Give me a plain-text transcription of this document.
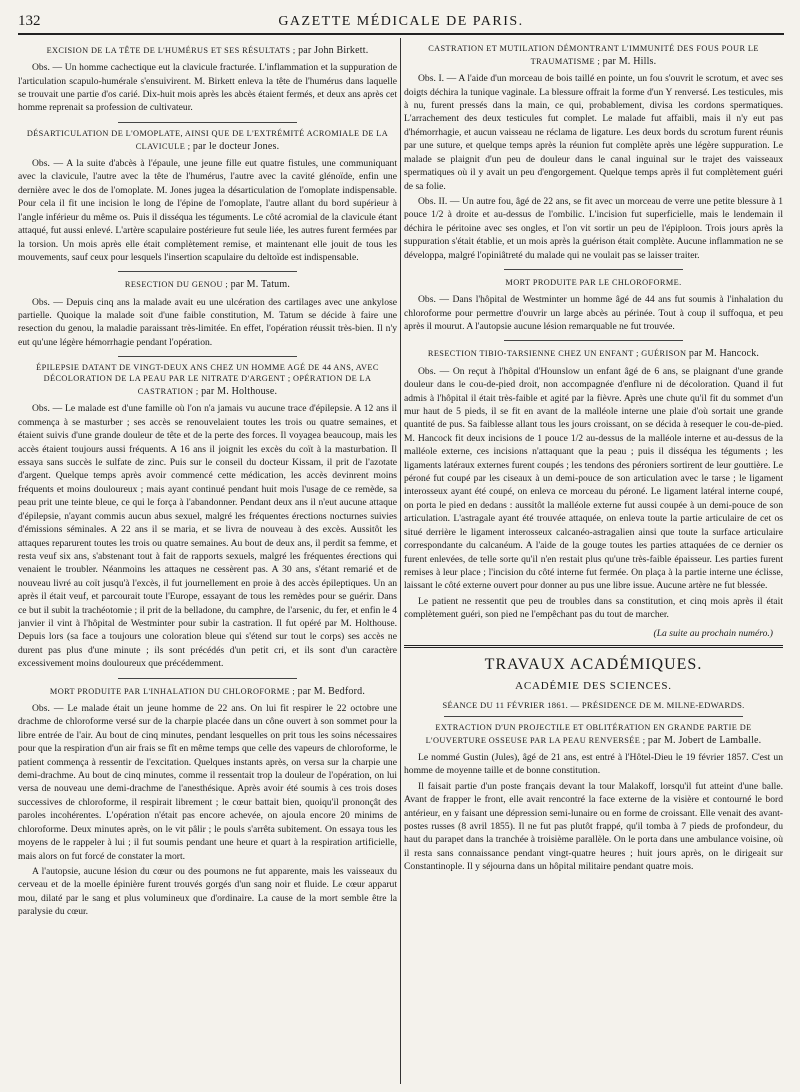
132	GAZETTE MÉDICALE DE PARIS.
EXCISION DE LA TÊTE DE L'HUMÉRUS ET SES RÉSULTATS ; par John Birkett.

Obs. — Un homme cachectique eut la clavicule fracturée. L'inflammation et la suppuration de l'articulation scapulo-humérale s'ensuivirent. M. Birkett enleva la tête de l'humérus dans laquelle se trouvait une partie d'os carié. Dix-huit mois après les abcès étaient fermés, et deux ans après cet homme reprenait sa profession de cultivateur.

DÉSARTICULATION DE L'OMOPLATE, AINSI QUE DE L'EXTRÉMITÉ ACROMIALE DE LA CLAVICULE ; par le docteur Jones.

Obs. — A la suite d'abcès à l'épaule, une jeune fille eut quatre fistules, une communiquant avec la clavicule, l'autre avec la tête de l'humérus, l'autre avec la cavité glénoïde, enfin une dernière avec le dos de l'omoplate. M. Jones jugea la désarticulation de l'omoplate indispensable. Pour cela il fit une incision le long de l'épine de l'omoplate, l'autre allant du bord supérieur à l'angle inférieur du même os. Puis il disséqua les téguments. Le côté acromial de la clavicule étant attaqué, fut aussi enlevé. L'artère scapulaire postérieure fut seule liée, les autres furent fermées par la torsion. Un mois après elle était complètement remise, et maintenant elle jouit de tous les mouvements, sauf ceux pour lesquels l'insertion scapulaire du deltoïde est indispensable.

RESECTION DU GENOU ; par M. Tatum.

Obs. — Depuis cinq ans la malade avait eu une ulcération des cartilages avec une ankylose partielle. Quoique la malade soit d'une faible constitution, M. Tatum se décide à faire une resection du genou, la maladie paraissant très-limitée. En effet, l'opération réussit très-bien. Il n'y eut qu'une légère hémorrhagie pendant l'opération.

ÉPILEPSIE DATANT DE VINGT-DEUX ANS CHEZ UN HOMME AGÉ DE 44 ANS, AVEC DÉCOLORATION DE LA PEAU PAR LE NITRATE D'ARGENT ; OPÉRATION DE LA CASTRATION ; par M. Holthouse.

Obs. — Le malade est d'une famille où l'on n'a jamais vu aucune trace d'épilepsie. A 12 ans il commença à se masturber ; ses accès se renouvelaient toutes les trois ou quatre semaines, et étaient suivis d'une grande douleur de tête et de la perte des forces. Il voyagea beaucoup, mais les accès étaient toujours aussi fréquents. A 16 ans il joignit les excès du coït à la masturbation. Il essaya sans succès le sulfate de zinc. Puis sur le conseil du docteur Kissam, il prit de l'azotate d'argent. Quelque temps après avoir commencé cette médication, les accès devinrent moins fréquents et moins douloureux ; mais ayant continué pendant huit mois l'usage de ce remède, sa peau prit une teinte bleue, ce qui le força à l'abandonner. Pendant deux ans il n'eut aucune attaque d'épilepsie, n'ayant commis aucun abus sexuel, malgré les fréquentes érections nocturnes suivies d'émissions séminales. A 22 ans il se maria, et se livra de nouveau à des excès. Aussitôt les attaques reparurent toutes les trois ou quatre semaines. Au bout de deux ans, il perdit sa femme, et resta veuf six ans, s'abstenant tout à fait de rapports sexuels, malgré les fréquentes érections qui venaient le troubler. Néanmoins les attaques ne cessèrent pas. A 30 ans, s'étant remarié et de nouveau livré au coït jusqu'à l'excès, il fut journellement en proie à des accès épileptiques. Un an après il était veuf, et parcourait toute l'Europe, essayant de tous les remèdes pour se guérir. Dans ce but il subit la trachéotomie ; il prit de la belladone, du camphre, de l'arsenic, du fer, et enfin le 4 janvier il vint à l'hôpital de Westminter pour subir la castration. Il fut opéré par M. Holthouse. Depuis lors (sa face a toujours une coloration bleue qui s'étend sur tout le corps) ses accès ne durent pas plus d'une minute ; ils sont précédés d'un petit cri, et ils sont d'un caractère excessivement moins douloureux que précédemment.

MORT PRODUITE PAR L'INHALATION DU CHLOROFORME ; par M. Bedford.

Obs. — Le malade était un jeune homme de 22 ans. On lui fit respirer le 22 octobre une drachme de chloroforme versé sur de la charpie placée dans un cône ouvert à son sommet pour la libre entrée de l'air. Au bout de cinq minutes, pendant lesquelles on prit tous les soins nécessaires pour que la respiration d'un air frais se fît en même temps que celle des vapeurs de chloroforme, le patient commença à ressentir de l'excitation. Quelques instants après, on versa sur la charpie une demi-drachme. Au bout de cinq minutes, comme il ressentait trop la douleur de l'opération, on lui versa de nouveau une demi-drachme de l'anesthésique. Après avoir été soumis à ces trois doses successives de chloroforme, il respirait librement ; le cœur battait bien, quoiqu'il prononçât des paroles incohérentes. L'opération n'était pas encore achevée, on ajoula encore 20 minims de chloroforme. Deux minutes après, on le vit pâlir ; le pouls s'arrêta subitement. On essaya tous les moyens de le rappeler à lui ; il fut soumis pendant une heure et quart à la respiration artificielle, mais alors on fut forcé de constater la mort.

A l'autopsie, aucune lésion du cœur ou des poumons ne fut apparente, mais les vaisseaux du cerveau et de la moelle épinière furent trouvés gorgés d'un sang noir et fluide. Le cœur apparut mou, dilaté par le sang et plus volumineux que d'ordinaire. La cause de la mort semble être la paralysie du cœur.

CASTRATION ET MUTILATION DÉMONTRANT L'IMMUNITÉ DES FOUS POUR LE TRAUMATISME ; par M. Hills.

Obs. I. — A l'aide d'un morceau de bois taillé en pointe, un fou s'ouvrit le scrotum, et avec ses doigts déchira la tunique vaginale. La blessure offrait la forme d'un Y renversé. Les testicules, mis à nu, furent pressés dans la main, ce qui, probablement, divisa les cordons spermatiques. L'arrachement des deux testicules fut complet. Le malade fut affaibli, mais il n'y eut pas d'hémorrhagie, et aucun vaisseau ne réclama de ligature. Les deux bords du scrotum furent réunis par une suture, et quelque temps après la réunion fut complète après une légère suppuration. Le malade se plaignit d'un peu de douleur dans le canal inguinal sur le trajet des vaisseaux spermatiques où il y avait un peu d'engorgement. Quelque temps après il fut complètement guéri de sa folie.

Obs. II. — Un autre fou, âgé de 22 ans, se fit avec un morceau de verre une petite blessure à 1 pouce 1/2 à droite et au-dessus de l'ombilic. L'incision fut superficielle, mais le lendemain il déchira le péritoine avec ses ongles, et l'on vit sortir un peu de l'épiploon. Trois jours après la suppuration s'était établie, et un mois après la guérison était complète. Aucune inflammation ne se développa, malgré l'opiniâtreté du malade qui ne voulait pas se laisser traiter.

MORT PRODUITE PAR LE CHLOROFORME.

Obs. — Dans l'hôpital de Westminter un homme âgé de 44 ans fut soumis à l'inhalation du chloroforme pour permettre d'ouvrir un large abcès au périnée. Tout à coup il suffoqua, et peu après il mourut. A l'autopsie aucune lésion remarquable ne fut trouvée.

RESECTION TIBIO-TARSIENNE CHEZ UN ENFANT ; GUÉRISON par M. Hancock.

Obs. — On reçut à l'hôpital d'Hounslow un enfant âgé de 6 ans, se plaignant d'une grande douleur dans le cou-de-pied droit, non accompagnée d'enflure ni de décoloration. Quand il fut admis à l'hôpital il était très-faible et agité par la fièvre. Après une chute qu'il fit du sommet d'un mur haut de 5 pieds, il se fit en avant de la malléole interne une plaie d'où sortait une grande quantité de pus. Sa faiblesse allant tous les jours croissant, on se décida à resequer le cou-de-pied. M. Hancock fit deux incisions de 1 pouce 1/2 au-dessus de la malléole interne et au-dessus de la malléole externe, ces incisions n'attaquant que la peau ; puis il disséqua les téguments ; les ligaments latéraux externes furent coupés ; les tendons des péroniers sortirent de leur gouttière. Le péroné fut coupé par les ciseaux à un demi-pouce de son articulation avec le tarse ; le ligament interosseux ayant été coupé, on enleva ce morceau du péroné. Le ligament latéral interne coupé, on porta le pied en dedans : aussitôt la malléole externe fut aussi coupée à un demi-pouce de son articulation. L'astragale ayant été trouvée attaquée, on enleva toute la partie articulaire de cet os situé derrière le ligament interosseux calcanéo-astragalien ainsi que toute la surface articulaire correspondante du calcanéum. A l'aide de la gouge toutes les parties attaquées de ce dernier os furent enlevées, de telle sorte qu'il n'en restait plus qu'une très-faible épaisseur. Les parties furent remises à leur place ; l'incision du côté interne fut fermée. On plaça à la partie interne une éclisse, laissant le côté externe ouvert pour donner au pus une libre issue. Aucune artère ne fut blessée.

Le patient ne ressentit que peu de troubles dans sa constitution, et cinq mois après il était complètement guéri, son pied ne l'empêchant pas du tout de marcher.

(La suite au prochain numéro.)
TRAVAUX ACADÉMIQUES.
ACADÉMIE DES SCIENCES.
SÉANCE DU 11 FÉVRIER 1861. — PRÉSIDENCE DE M. MILNE-EDWARDS.
EXTRACTION D'UN PROJECTILE ET OBLITÉRATION EN GRANDE PARTIE DE L'OUVERTURE OSSEUSE PAR LA PEAU RENVERSÉE ; par M. Jobert de Lamballe.

Le nommé Gustin (Jules), âgé de 21 ans, est entré à l'Hôtel-Dieu le 19 février 1857. C'est un homme de moyenne taille et de bonne constitution.

Il faisait partie d'un poste français devant la tour Malakoff, lorsqu'il fut atteint d'une balle. Avant de frapper le front, elle avait rencontré la face externe de la visière et contourné le bord antérieur, en y faisant une dépression semi-lunaire ou en forme de croissant. Elle venait des avant-postes russes (8 avril 1855). Il ne fut pas plutôt frappé, qu'il tomba à 7 pieds de profondeur, du haut du parapet dans la tranchée à troisième parallèle. On le porta dans une ambulance voisine, où il resta sans connaissance pendant vingt-quatre heures ; huit jours après, on le dirigeait sur Constantinople. Il y séjourna dans un hôpital militaire pendant quatre mois.
